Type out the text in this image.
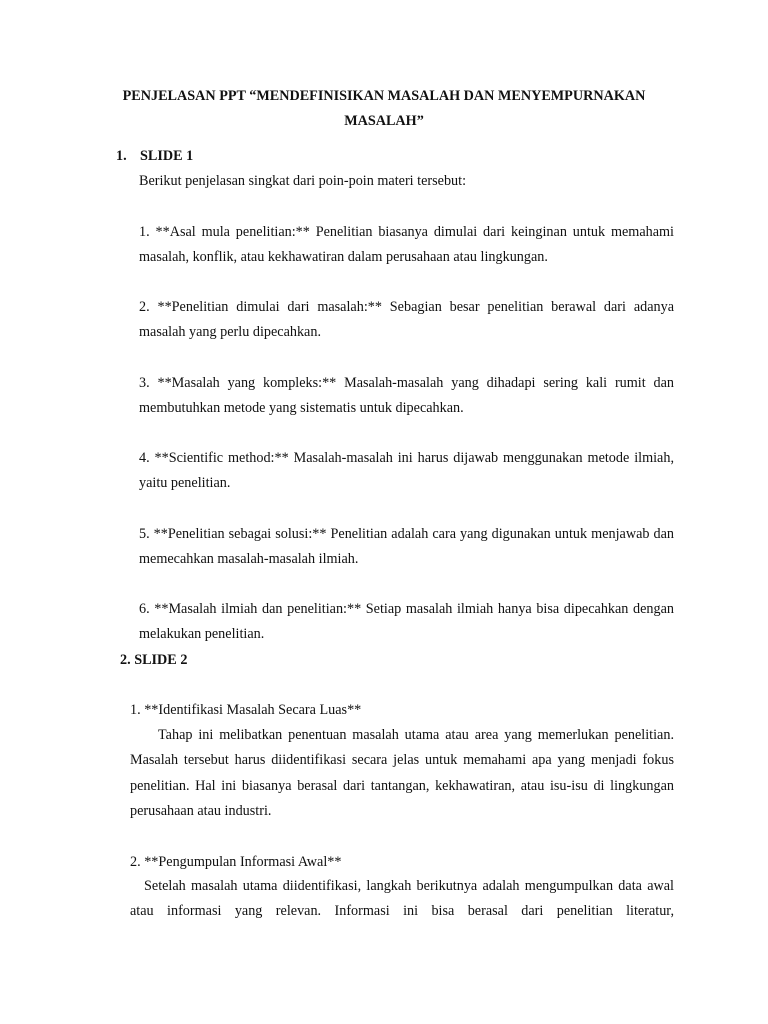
PENJELASAN PPT “MENDEFINISIKAN MASALAH DAN MENYEMPURNAKAN MASALAH”

1. SLIDE 1
Berikut penjelasan singkat dari poin-poin materi tersebut:

1. **Asal mula penelitian:** Penelitian biasanya dimulai dari keinginan untuk memahami masalah, konflik, atau kekhawatiran dalam perusahaan atau lingkungan.

2. **Penelitian dimulai dari masalah:** Sebagian besar penelitian berawal dari adanya masalah yang perlu dipecahkan.

3. **Masalah yang kompleks:** Masalah-masalah yang dihadapi sering kali rumit dan membutuhkan metode yang sistematis untuk dipecahkan.

4. **Scientific method:** Masalah-masalah ini harus dijawab menggunakan metode ilmiah, yaitu penelitian.

5. **Penelitian sebagai solusi:** Penelitian adalah cara yang digunakan untuk menjawab dan memecahkan masalah-masalah ilmiah.

6. **Masalah ilmiah dan penelitian:** Setiap masalah ilmiah hanya bisa dipecahkan dengan melakukan penelitian.

2. SLIDE 2
1. **Identifikasi Masalah Secara Luas**

Tahap ini melibatkan penentuan masalah utama atau area yang memerlukan penelitian. Masalah tersebut harus diidentifikasi secara jelas untuk memahami apa yang menjadi fokus penelitian. Hal ini biasanya berasal dari tantangan, kekhawatiran, atau isu-isu di lingkungan perusahaan atau industri.

2. **Pengumpulan Informasi Awal**

Setelah masalah utama diidentifikasi, langkah berikutnya adalah mengumpulkan data awal atau informasi yang relevan. Informasi ini bisa berasal dari penelitian literatur,
